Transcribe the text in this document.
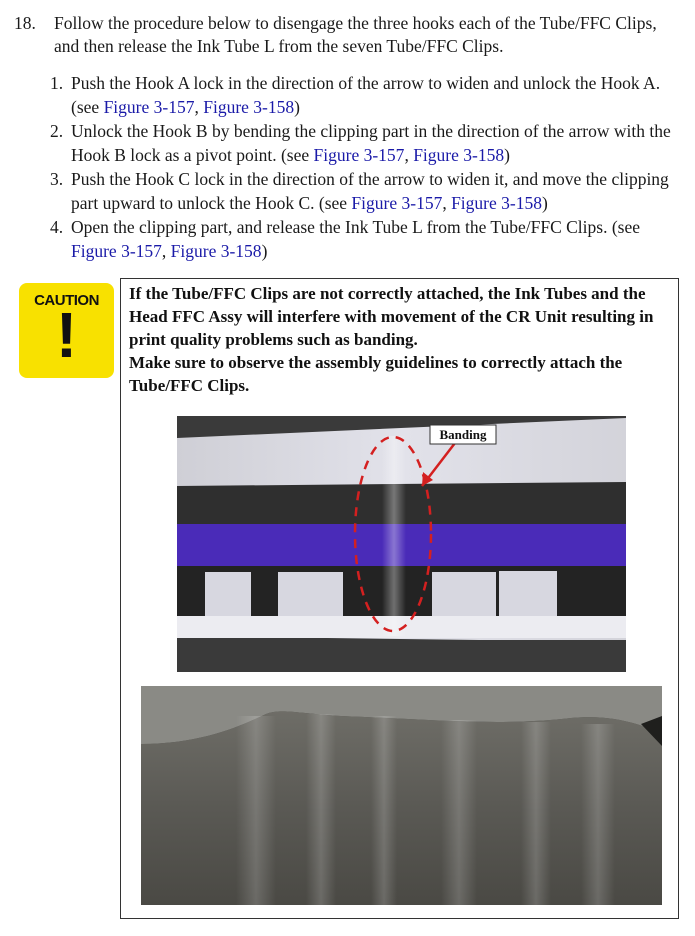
18. Follow the procedure below to disengage the three hooks each of the Tube/FFC Clips, and then release the Ink Tube L from the seven Tube/FFC Clips.
1. Push the Hook A lock in the direction of the arrow to widen and unlock the Hook A. (see Figure 3-157, Figure 3-158)
2. Unlock the Hook B by bending the clipping part in the direction of the arrow with the Hook B lock as a pivot point. (see Figure 3-157, Figure 3-158)
3. Push the Hook C lock in the direction of the arrow to widen it, and move the clipping part upward to unlock the Hook C. (see Figure 3-157, Figure 3-158)
4. Open the clipping part, and release the Ink Tube L from the Tube/FFC Clips. (see Figure 3-157, Figure 3-158)
CAUTION
!
If the Tube/FFC Clips are not correctly attached, the Ink Tubes and the Head FFC Assy will interfere with movement of the CR Unit resulting in print quality problems such as banding.
Make sure to observe the assembly guidelines to correctly attach the Tube/FFC Clips.
Banding
